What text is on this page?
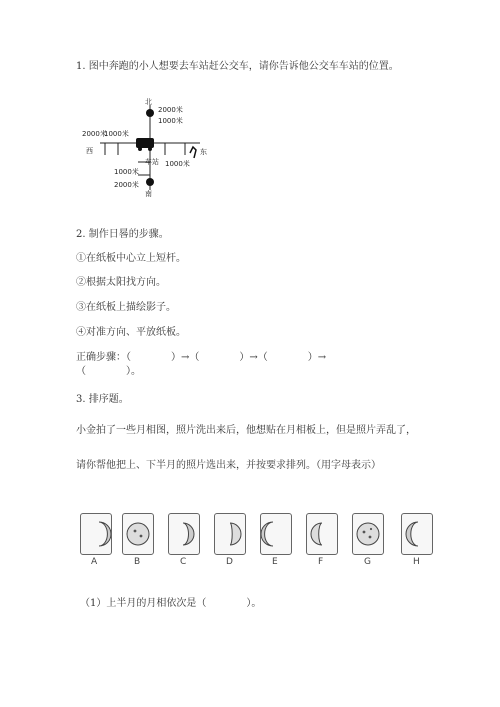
1. 图中奔跑的小人想要去车站赶公交车，请你告诉他公交车车站的位置。
北
南
东
西
车站
2000米
1000米
2000米
1000米
1000米
1000米
2000米
2. 制作日晷的步骤。
①在纸板中心立上短杆。
②根据太阳找方向。
③在纸板上描绘影子。
④对准方向、平放纸板。
正确步骤：（　　　　）→（　　　　）→（　　　　）→
（　　　　）。
3. 排序题。
小金拍了一些月相图，照片洗出来后，他想贴在月相板上，但是照片弄乱了，
请你帮他把上、下半月的照片选出来，并按要求排列。（用字母表示）
A	B	C	D	E	F	G	H
（1）上半月的月相依次是（　　　　）。
